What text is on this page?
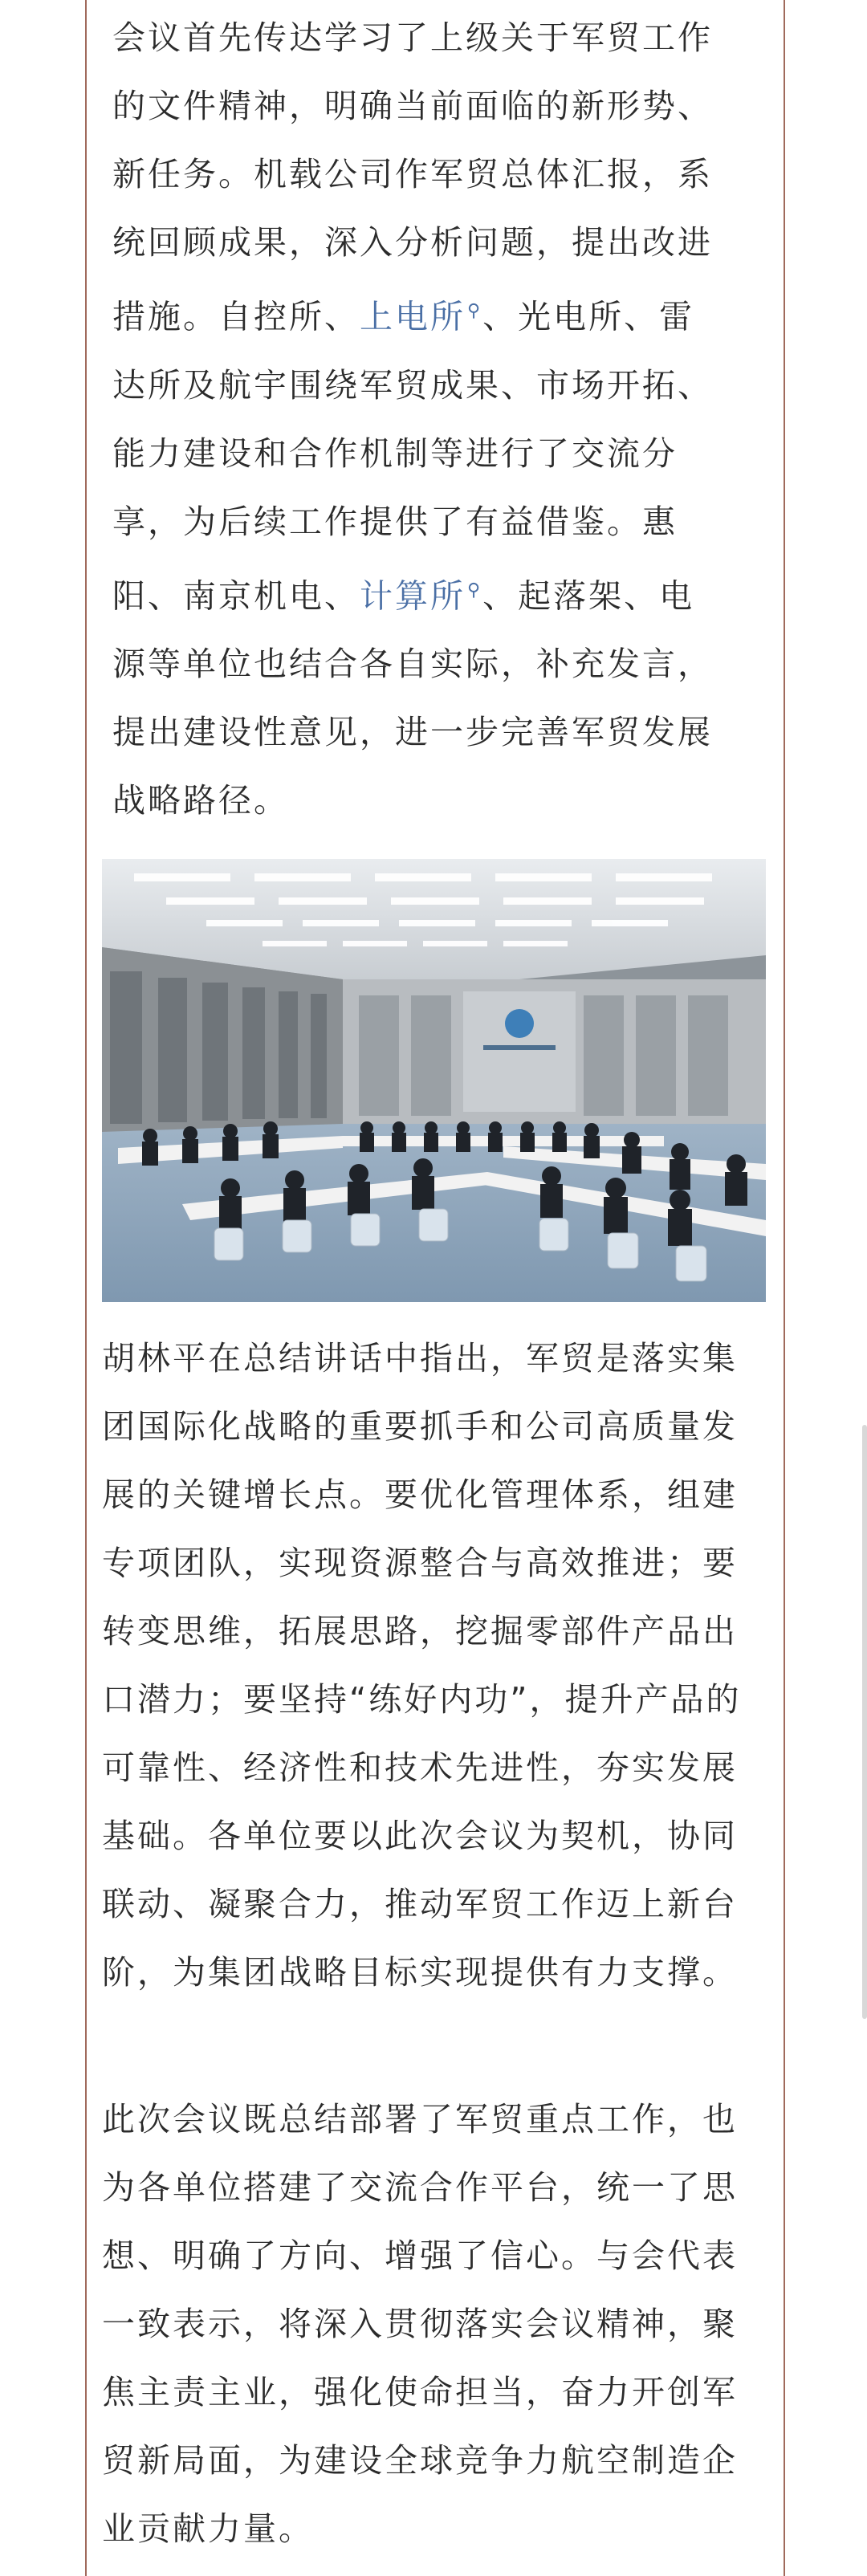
会议首先传达学习了上级关于军贸工作
的文件精神，明确当前面临的新形势、
新任务。机载公司作军贸总体汇报，系
统回顾成果，深入分析问题，提出改进
措施。自控所、上电所⚲、光电所、雷
达所及航宇围绕军贸成果、市场开拓、
能力建设和合作机制等进行了交流分
享，为后续工作提供了有益借鉴。惠
阳、南京机电、计算所⚲、起落架、电
源等单位也结合各自实际，补充发言，
提出建设性意见，进一步完善军贸发展
战略路径。

胡林平在总结讲话中指出，军贸是落实集
团国际化战略的重要抓手和公司高质量发
展的关键增长点。要优化管理体系，组建
专项团队，实现资源整合与高效推进；要
转变思维，拓展思路，挖掘零部件产品出
口潜力；要坚持“练好内功”，提升产品的
可靠性、经济性和技术先进性，夯实发展
基础。各单位要以此次会议为契机，协同
联动、凝聚合力，推动军贸工作迈上新台
阶，为集团战略目标实现提供有力支撑。

此次会议既总结部署了军贸重点工作，也
为各单位搭建了交流合作平台，统一了思
想、明确了方向、增强了信心。与会代表
一致表示，将深入贯彻落实会议精神，聚
焦主责主业，强化使命担当，奋力开创军
贸新局面，为建设全球竞争力航空制造企
业贡献力量。
